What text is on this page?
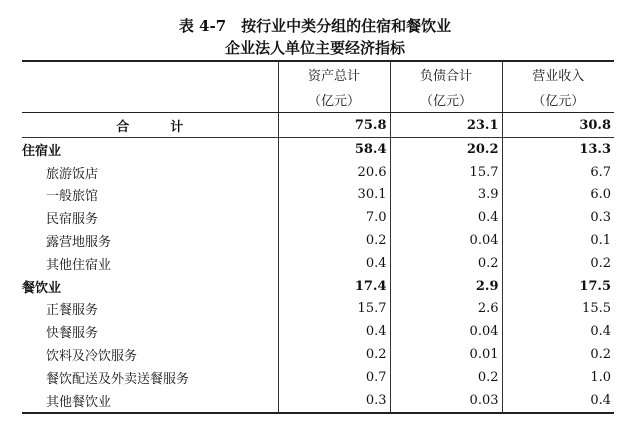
表 4-7　按行业中类分组的住宿和餐饮业
企业法人单位主要经济指标
	资产总计	负债合计	营业收入
	（亿元）	（亿元）	（亿元）
合　计	75.8	23.1	30.8
住宿业	58.4	20.2	13.3
旅游饭店	20.6	15.7	6.7
一般旅馆	30.1	3.9	6.0
民宿服务	7.0	0.4	0.3
露营地服务	0.2	0.04	0.1
其他住宿业	0.4	0.2	0.2
餐饮业	17.4	2.9	17.5
正餐服务	15.7	2.6	15.5
快餐服务	0.4	0.04	0.4
饮料及冷饮服务	0.2	0.01	0.2
餐饮配送及外卖送餐服务	0.7	0.2	1.0
其他餐饮业	0.3	0.03	0.4
